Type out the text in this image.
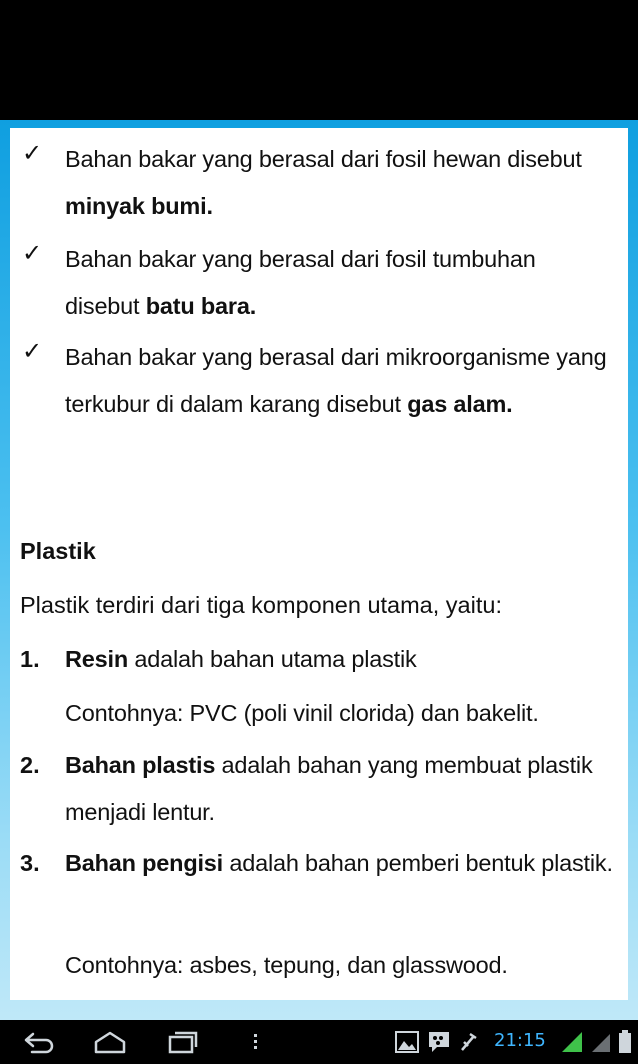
✓ Bahan bakar yang berasal dari fosil hewan disebut minyak bumi.
✓ Bahan bakar yang berasal dari fosil tumbuhan disebut batu bara.
✓ Bahan bakar yang berasal dari mikroorganisme yang terkubur di dalam karang disebut gas alam.
Plastik
Plastik terdiri dari tiga komponen utama, yaitu:
1. Resin adalah bahan utama plastik
Contohnya: PVC (poli vinil clorida) dan bakelit.
2. Bahan plastis adalah bahan yang membuat plastik menjadi lentur.
3. Bahan pengisi adalah bahan pemberi bentuk plastik.
Contohnya: asbes, tepung, dan glasswood.
21:15
